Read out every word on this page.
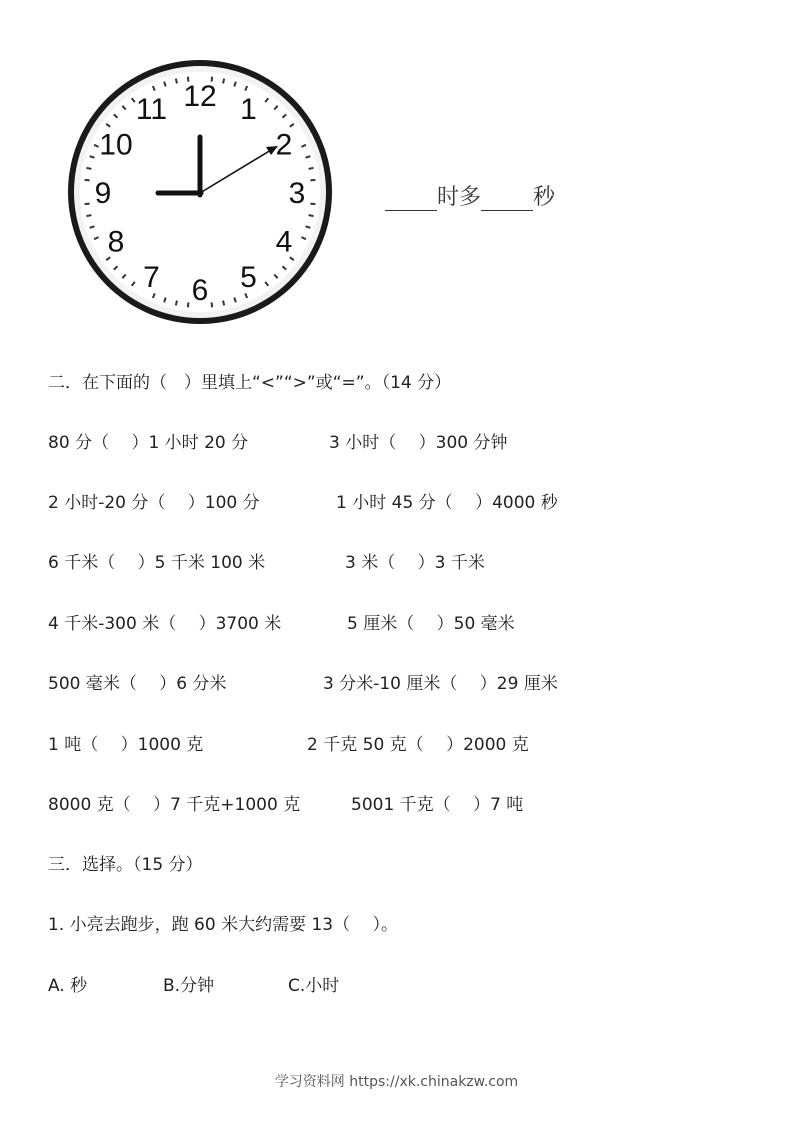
12 1
2
3
4
5
6
7
8
9
10
11
时多 秒
二．在下面的（　）里填上“<”“>”或“=”。（14 分）
80 分（　 ）1 小时 20 分	3 小时（　 ）300 分钟
2 小时-20 分（　 ）100 分	1 小时 45 分（　 ）4000 秒
6 千米（　 ）5 千米 100 米	3 米（　 ）3 千米
4 千米-300 米（　 ）3700 米	5 厘米（　 ）50 毫米
500 毫米（　 ）6 分米	3 分米-10 厘米（　 ）29 厘米
1 吨（　 ）1000 克	2 千克 50 克（　 ）2000 克
8000 克（　 ）7 千克+1000 克	5001 千克（　 ）7 吨
三．选择。（15 分）
1. 小亮去跑步，跑 60 米大约需要 13（　 ）。
A. 秒	B.分钟	C.小时
学习资料网 https://xk.chinakzw.com
